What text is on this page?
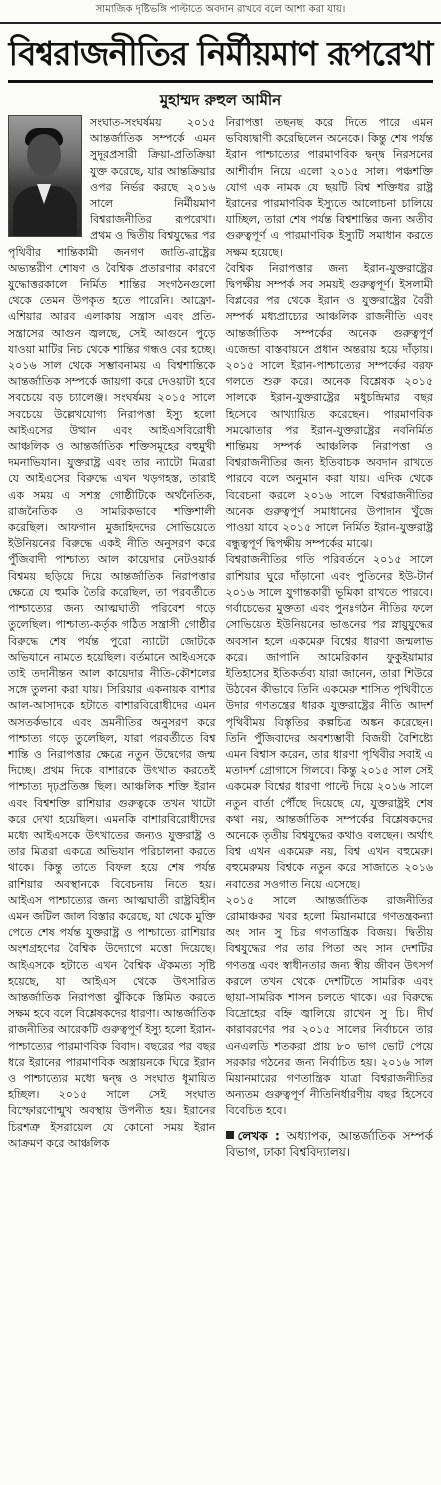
সামাজিক দৃষ্টিভঙ্গি পাল্টাতে অবদান রাখবে বলে আশা করা যায়।
বিশ্বরাজনীতির নির্মীয়মাণ রূপরেখা
মুহাম্মদ রুহুল আমীন

সংঘাত-সংঘর্ষময় ২০১৫ আন্তর্জাতিক সম্পর্কে এমন সুদূরপ্রসারী ক্রিয়া-প্রতিক্রিয়া যুক্ত করেছে, যার আন্তক্রিয়ার ওপর নির্ভর করছে ২০১৬ সালে নির্মীয়মাণ বিশ্বরাজনীতির রূপরেখা। প্রথম ও দ্বিতীয় বিশ্বযুদ্ধের পর পৃথিবীর শান্তিকামী জনগণ জাতি-রাষ্ট্রের অভ্যন্তরীণ শোষণ ও বৈশ্বিক প্রতারণার কারণে যুদ্ধোত্তরকালে নির্মিত শান্তির সংগঠনগুলো থেকে তেমন উপকৃত হতে পারেনি। আফ্রো-এশিয়ার আরব এলাকায় সন্ত্রাস এবং প্রতি-সন্ত্রাসের আগুন জ্বলছে, সেই আগুনে পুড়ে যাওয়া মাটির নিচ থেকে শান্তির গন্ধও বের হচ্ছে। ২০১৬ সাল থেকে সম্ভাবনাময় এ বিশ্বশান্তিকে আন্তর্জাতিক সম্পর্কে জায়গা করে দেওয়াটা হবে সবচেয়ে বড় চ্যালেঞ্জ। সংঘর্ষময় ২০১৫ সালে সবচেয়ে উল্লেখযোগ্য নিরাপত্তা ইস্যু হলো আইএসের উত্থান এবং আইএসবিরোধী আঞ্চলিক ও আন্তর্জাতিক শক্তিসমূহের বহুমুখী দমনাভিযান। যুক্তরাষ্ট্র এবং তার ন্যাটো মিত্ররা যে আইএসের বিরুদ্ধে এখন খড়গহস্ত, তারাই এক সময় এ সশস্ত্র গোষ্ঠীটিকে অর্থনৈতিক, রাজনৈতিক ও সামরিকভাবে শক্তিশালী করেছিল। আফগান মুজাহিদদের সোভিয়েতে ইউনিয়নের বিরুদ্ধে একই নীতি অনুসরণ করে পুঁজিবাদী পাশ্চাত্য আল কায়েদার নেটওয়ার্ক বিশ্বময় ছড়িয়ে দিয়ে আন্তর্জাতিক নিরাপত্তার ক্ষেত্রে যে হুমকি তৈরি করেছিল, তা পরবর্তীতে পাশ্চাত্যের জন্য আত্মঘাতী পরিবেশ গড়ে তুলেছিল। পাশ্চাত্য-কর্তৃক গঠিত সন্ত্রাসী গোষ্ঠীর বিরুদ্ধে শেষ পর্যন্ত পুরো ন্যাটো জোটকে অভিযানে নামতে হয়েছিল। বর্তমানে আইএসকে তাই তদানীন্তন আল কায়েদার নীতি-কৌশলের সঙ্গে তুলনা করা যায়। সিরিয়ার একনায়ক বাশার আল-আসাদকে হটাতে বাশারবিরোধীদের এমন অসতর্কভাবে এবং ভ্রমনীতির অনুসরণ করে পাশ্চাত্য গড়ে তুলেছিল, যারা পরবর্তীতে বিশ্ব শান্তি ও নিরাপত্তার ক্ষেত্রে নতুন উদ্বেগের জন্ম দিচ্ছে। প্রথম দিকে বাশারকে উৎখাত করতেই পাশ্চাত্য দৃঢ়প্রতিজ্ঞ ছিল। আঞ্চলিক শক্তি ইরান এবং বিশ্বশক্তি রাশিয়ার গুরুত্বকে তখন খাটো করে দেখা হয়েছিল। এমনকি বাশারবিরোধীদের মধ্যে আইএসকে উৎখাতের জন্যও যুক্তরাষ্ট্র ও তার মিত্ররা একত্রে অভিযান পরিচালনা করতে থাকে। কিন্তু তাতে বিফল হয়ে শেষ পর্যন্ত রাশিয়ার অবস্থানকে বিবেচনায় নিতে হয়। আইএস পাশ্চাত্যের জন্য আত্মঘাতী রাষ্ট্রবিহীন এমন জটিল জাল বিস্তার করেছে, যা থেকে মুক্তি পেতে শেষ পর্যন্ত যুক্তরাষ্ট্র ও পাশ্চাত্যে রাশিয়ার অংশগ্রহণের বৈশ্বিক উদ্যোগে মত্তো দিয়েছে। আইএসকে হটাতে এখন বৈশ্বিক ঐকমত্য সৃষ্টি হয়েছে, যা আইএস থেকে উৎসারিত আন্তর্জাতিক নিরাপত্তা ঝুঁকিকে স্তিমিত করতে সক্ষম হবে বলে বিশ্লেষকদের ধারণা। আন্তর্জাতিক রাজনীতির আরেকটি গুরুত্বপূর্ণ ইস্যু হলো ইরান-পাশ্চাত্যের পারমাণবিক বিবাদ। বছরের পর বছর ধরে ইরানের পারমাণবিক অস্ত্রায়নকে ঘিরে ইরান ও পাশ্চাত্যের মধ্যে দ্বন্দ্ব ও সংঘাত ধূমায়িত হচ্ছিল। ২০১৫ সালে সেই সংঘাত বিস্ফোরণোন্মুখ অবস্থায় উপনীত হয়। ইরানের চিরশত্রু ইসরায়েল যে কোনো সময় ইরান আক্রমণ করে আঞ্চলিক

নিরাপত্তা তছনছ করে দিতে পারে এমন ভবিষ্যদ্বাণী করেছিলেন অনেকে। কিন্তু শেষ পর্যন্ত ইরান পাশ্চাত্যের পারমাণবিক দ্বন্দ্ব নিরসনের আশীর্বাদ নিয়ে এলো ২০১৫ সাল। পঞ্চশক্তি যোগ এক নামক যে ছয়টি বিশ্ব শক্তিধর রাষ্ট্র ইরানের পারমাণবিক ইস্যুতে আলোচনা চালিয়ে যাচ্ছিল, তারা শেষ পর্যন্ত বিশ্বশান্তির জন্য অতীব গুরুত্বপূর্ণ এ পারমাণবিক ইস্যুটি সমাধান করতে সক্ষম হয়েছে।

বৈশ্বিক নিরাপত্তার জন্য ইরান-যুক্তরাষ্ট্রের দ্বিপক্ষীয় সম্পর্ক সব সময়ই গুরুত্বপূর্ণ। ইসলামী বিপ্লবের পর থেকে ইরান ও যুক্তরাষ্ট্রের বৈরী সম্পর্ক মধ্যপ্রাচ্যের আঞ্চলিক রাজনীতি এবং আন্তর্জাতিক সম্পর্কের অনেক গুরুত্বপূর্ণ এজেন্ডা বাস্তবায়নে প্রধান অন্তরায় হয়ে দাঁড়ায়। ২০১৫ সালে ইরান-পাশ্চাত্যের সম্পর্কের বরফ গলতে শুরু করে। অনেক বিশ্লেষক ২০১৫ সালকে ইরান-যুক্তরাষ্ট্রের মধুচন্দ্রিমার বছর হিসেবে আখ্যায়িত করেছেন। পারমাণবিক সমঝোতার পর ইরান-যুক্তরাষ্ট্রের নবনির্মিত শান্তিময় সম্পর্ক আঞ্চলিক নিরাপত্তা ও বিশ্বরাজনীতির জন্য ইতিবাচক অবদান রাখতে পারবে বলে অনুমান করা যায়। এদিক থেকে বিবেচনা করলে ২০১৬ সালে বিশ্বরাজনীতির অনেক গুরুত্বপূর্ণ সমাধানের উপাদান খুঁজে পাওয়া যাবে ২০১৫ সালে নির্মিত ইরান-যুক্তরাষ্ট্র বন্ধুত্বপূর্ণ দ্বিপক্ষীয় সম্পর্কের মাঝে।

বিশ্বরাজনীতির গতি পরিবর্তনে ২০১৫ সালে রাশিয়ার ঘুরে দাঁড়ানো এবং পুতিনের ইউ-টার্ন ২০১৬ সালে যুগান্তকারী ভূমিকা রাখতে পারবে। গর্বাচেভের মুক্ততা এবং পুনঃগঠন নীতির ফলে সোভিয়েত ইউনিয়নের ভাঙনের পর স্নায়ুযুদ্ধের অবসান হলে একমেরু বিশ্বের ধারণা জন্মলাভ করে। জাপানি আমেরিকান ফুকুইয়ামার ইতিহাসের ইতিকর্তব্য যারা জানেন, তারা শিউরে উঠবেন কীভাবে তিনি একমেরু শাসিত পৃথিবীতে উদার গণতন্ত্রের ধারক যুক্তরাষ্ট্রের নীতি আদর্শ পৃথিবীময় বিস্তৃতির কল্পচিত্র অঙ্কন করেছেন। তিনি পুঁজিবাদের অবশ্যম্ভাবী বিজয়ী বৈশিষ্ট্যে এমন বিশ্বাস করেন, তার ধারণা পৃথিবীর সবাই এ মতাদর্শ গ্রোগাসে গিলবে। কিন্তু ২০১৫ সাল সেই একমেরু বিশ্বের ধারণা পাল্টে দিয়ে ২০১৬ সালে নতুন বার্তা পৌঁছে দিয়েছে যে, যুক্তরাষ্ট্রই শেষ কথা নয়, আন্তর্জাতিক সম্পর্কের বিশ্লেষকদের অনেকে তৃতীয় বিশ্বযুদ্ধের কথাও বলছেন। অর্থাৎ বিশ্ব এখন একমেরু নয়, বিশ্ব এখন বহুমেরু। বহুমেরুময় বিশ্বকে নতুন করে সাজাতে ২০১৬ নবাতের সওগাত নিয়ে এসেছে।

২০১৫ সালে আন্তর্জাতিক রাজনীতির রোমাঞ্চকর খবর হলো মিয়ানমারে গণতন্ত্রকন্যা অং সান সু চির গণতান্ত্রিক বিজয়। দ্বিতীয় বিশ্বযুদ্ধের পর তার পিতা অং সান দেশটির গণতন্ত্র এবং স্বাধীনতার জন্য স্বীয় জীবন উৎসর্গ করলে তখন থেকে দেশটিতে সামরিক এবং ছায়া-সামরিক শাসন চলতে থাকে। এর বিরুদ্ধে বিদ্রোহের বহ্নি জ্বালিয়ে রাখেন সু চি। দীর্ঘ কারাবরণের পর ২০১৫ সালের নির্বাচনে তার এনএলডি শতকরা প্রায় ৮০ ভাগ ভোট পেয়ে সরকার গঠনের জন্য নির্বাচিত হয়। ২০১৬ সাল মিয়ানমারের গণতান্ত্রিক যাত্রা বিশ্বরাজনীতির অন্যতম গুরুত্বপূর্ণ নীতিনির্ধারণীয় বছর হিসেবে বিবেচিত হবে।

লেখক : অধ্যাপক, আন্তর্জাতিক সম্পর্ক বিভাগ, ঢাকা বিশ্ববিদ্যালয়।
